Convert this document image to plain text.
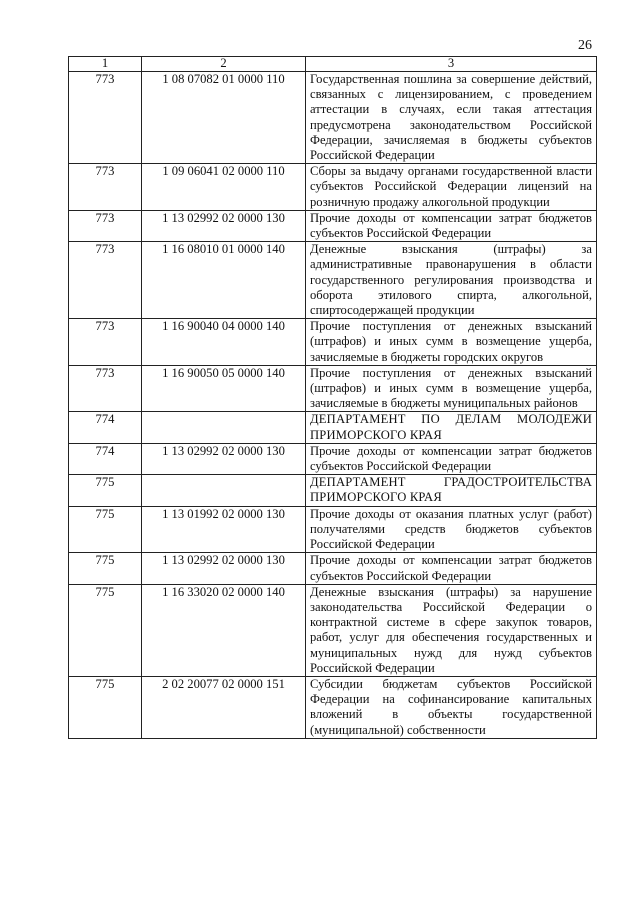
26
1	2	3
773	1 08 07082 01 0000 110	Государственная пошлина за совершение действий, связанных с лицензированием, с проведением аттестации в случаях, если такая аттестация предусмотрена законодательством Российской Федерации, зачисляемая в бюджеты субъектов Российской Федерации
773	1 09 06041 02 0000 110	Сборы за выдачу органами государственной власти субъектов Российской Федерации лицензий на розничную продажу алкогольной продукции
773	1 13 02992 02 0000 130	Прочие доходы от компенсации затрат бюджетов субъектов Российской Федерации
773	1 16 08010 01 0000 140	Денежные взыскания (штрафы) за административные правонарушения в области государственного регулирования производства и оборота этилового спирта, алкогольной, спиртосодержащей продукции
773	1 16 90040 04 0000 140	Прочие поступления от денежных взысканий (штрафов) и иных сумм в возмещение ущерба, зачисляемые в бюджеты городских округов
773	1 16 90050 05 0000 140	Прочие поступления от денежных взысканий (штрафов) и иных сумм в возмещение ущерба, зачисляемые в бюджеты муниципальных районов
774		ДЕПАРТАМЕНТ ПО ДЕЛАМ МОЛОДЕЖИ ПРИМОРСКОГО КРАЯ
774	1 13 02992 02 0000 130	Прочие доходы от компенсации затрат бюджетов субъектов Российской Федерации
775		ДЕПАРТАМЕНТ ГРАДОСТРОИТЕЛЬСТВА ПРИМОРСКОГО КРАЯ
775	1 13 01992 02 0000 130	Прочие доходы от оказания платных услуг (работ) получателями средств бюджетов субъектов Российской Федерации
775	1 13 02992 02 0000 130	Прочие доходы от компенсации затрат бюджетов субъектов Российской Федерации
775	1 16 33020 02 0000 140	Денежные взыскания (штрафы) за нарушение законодательства Российской Федерации о контрактной системе в сфере закупок товаров, работ, услуг для обеспечения государственных и муниципальных нужд для нужд субъектов Российской Федерации
775	2 02 20077 02 0000 151	Субсидии бюджетам субъектов Российской Федерации на софинансирование капитальных вложений в объекты государственной (муниципальной) собственности
